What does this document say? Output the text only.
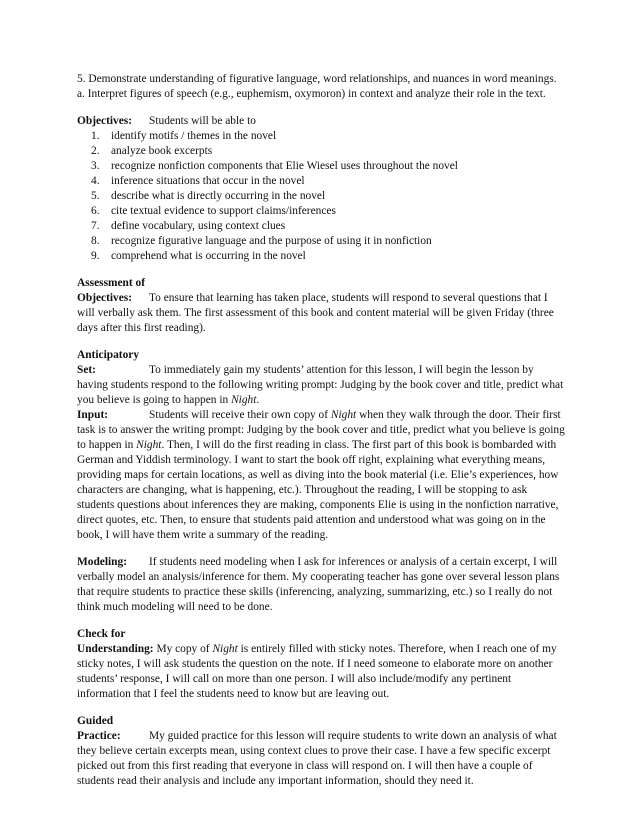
5. Demonstrate understanding of figurative language, word relationships, and nuances in word meanings.

a. Interpret figures of speech (e.g., euphemism, oxymoron) in context and analyze their role in the text.

Objectives: Students will be able to

1. identify motifs / themes in the novel
2. analyze book excerpts
3. recognize nonfiction components that Elie Wiesel uses throughout the novel
4. inference situations that occur in the novel
5. describe what is directly occurring in the novel
6. cite textual evidence to support claims/inferences
7. define vocabulary, using context clues
8. recognize figurative language and the purpose of using it in nonfiction
9. comprehend what is occurring in the novel

Assessment of

Objectives: To ensure that learning has taken place, students will respond to several questions that I will verbally ask them. The first assessment of this book and content material will be given Friday (three days after this first reading).

Anticipatory

Set:	To immediately gain my students’ attention for this lesson, I will begin the lesson by having students respond to the following writing prompt: Judging by the book cover and title, predict what you believe is going to happen in Night.

Input:	Students will receive their own copy of Night when they walk through the door. Their first task is to answer the writing prompt: Judging by the book cover and title, predict what you believe is going to happen in Night. Then, I will do the first reading in class. The first part of this book is bombarded with German and Yiddish terminology. I want to start the book off right, explaining what everything means, providing maps for certain locations, as well as diving into the book material (i.e. Elie’s experiences, how characters are changing, what is happening, etc.). Throughout the reading, I will be stopping to ask students questions about inferences they are making, components Elie is using in the nonfiction narrative, direct quotes, etc. Then, to ensure that students paid attention and understood what was going on in the book, I will have them write a summary of the reading.

Modeling: If students need modeling when I ask for inferences or analysis of a certain excerpt, I will verbally model an analysis/inference for them. My cooperating teacher has gone over several lesson plans that require students to practice these skills (inferencing, analyzing, summarizing, etc.) so I really do not think much modeling will need to be done.

Check for

Understanding: My copy of Night is entirely filled with sticky notes. Therefore, when I reach one of my sticky notes, I will ask students the question on the note. If I need someone to elaborate more on another students’ response, I will call on more than one person. I will also include/modify any pertinent information that I feel the students need to know but are leaving out.

Guided

Practice: My guided practice for this lesson will require students to write down an analysis of what they believe certain excerpts mean, using context clues to prove their case. I have a few specific excerpt picked out from this first reading that everyone in class will respond on. I will then have a couple of students read their analysis and include any important information, should they need it.
